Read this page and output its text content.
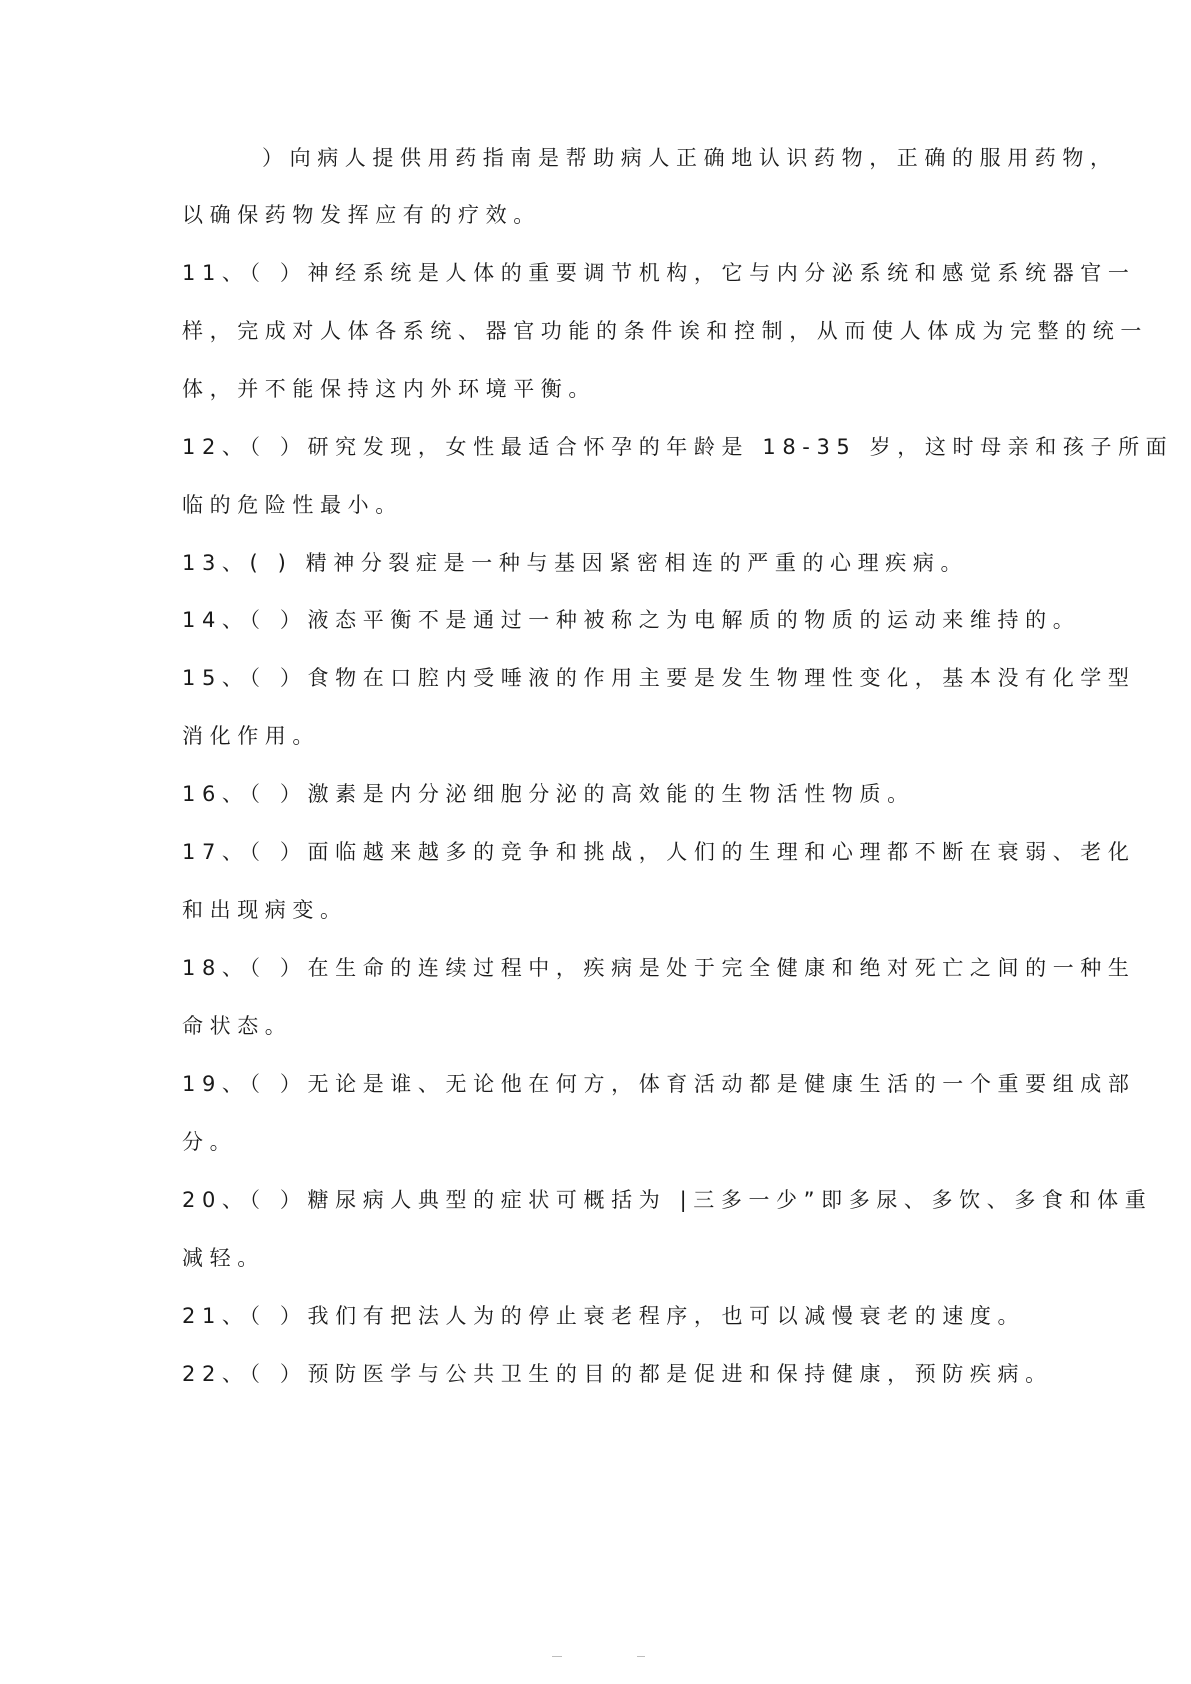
）向病人提供用药指南是帮助病人正确地认识药物，正确的服用药物，
以确保药物发挥应有的疗效。
11、（ ）神经系统是人体的重要调节机构，它与内分泌系统和感觉系统器官一
样，完成对人体各系统、器官功能的条件诶和控制，从而使人体成为完整的统一
体，并不能保持这内外环境平衡。
12、（ ）研究发现，女性最适合怀孕的年龄是 18-35 岁，这时母亲和孩子所面
临的危险性最小。
13、( ) 精神分裂症是一种与基因紧密相连的严重的心理疾病。
14、（ ）液态平衡不是通过一种被称之为电解质的物质的运动来维持的。
15、（ ）食物在口腔内受唾液的作用主要是发生物理性变化，基本没有化学型
消化作用。
16、（ ）激素是内分泌细胞分泌的高效能的生物活性物质。
17、（ ）面临越来越多的竞争和挑战，人们的生理和心理都不断在衰弱、老化
和出现病变。
18、（ ）在生命的连续过程中，疾病是处于完全健康和绝对死亡之间的一种生
命状态。
19、（ ）无论是谁、无论他在何方，体育活动都是健康生活的一个重要组成部
分。
20、（ ）糖尿病人典型的症状可概括为 |三多一少”即多尿、多饮、多食和体重
减轻。
21、（ ）我们有把法人为的停止衰老程序，也可以减慢衰老的速度。
22、（ ）预防医学与公共卫生的目的都是促进和保持健康，预防疾病。
